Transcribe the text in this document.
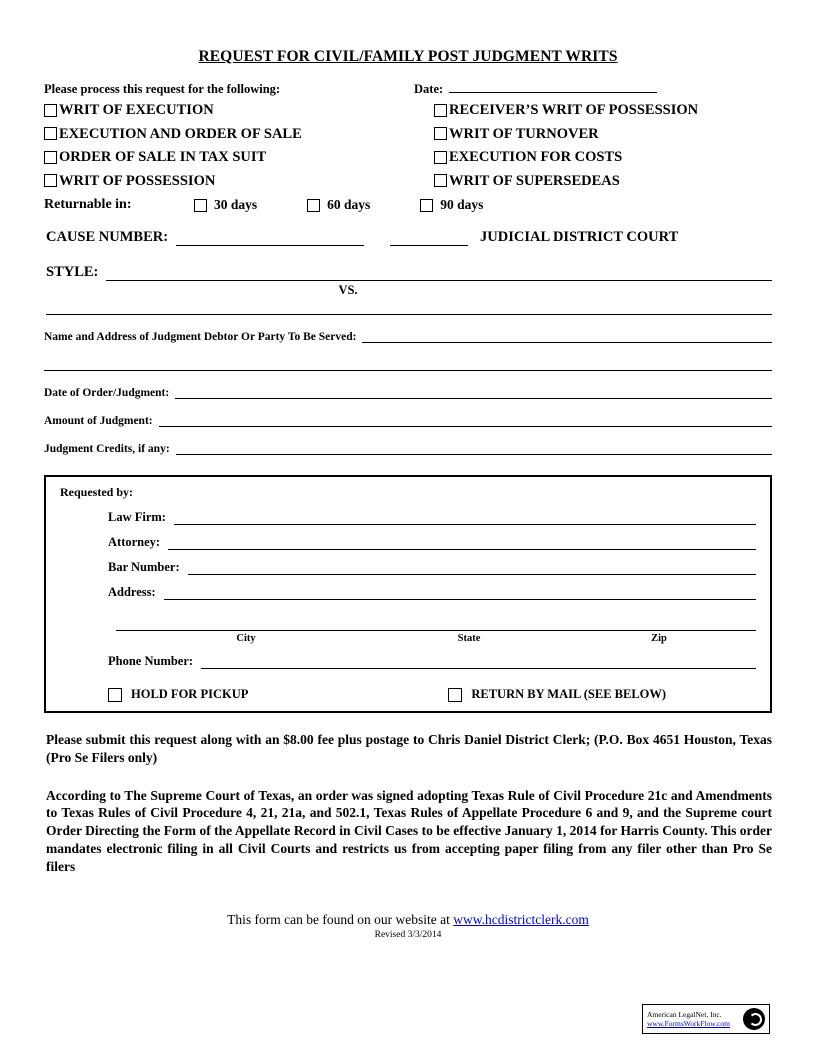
REQUEST FOR CIVIL/FAMILY POST JUDGMENT WRITS
Please process this request for the following:	Date:
WRIT OF EXECUTION	RECEIVER’S WRIT OF POSSESSION
EXECUTION AND ORDER OF SALE	WRIT OF TURNOVER
ORDER OF SALE IN TAX SUIT	EXECUTION FOR COSTS
WRIT OF POSSESSION	WRIT OF SUPERSEDEAS
Returnable in:	30 days	60 days	90 days
CAUSE NUMBER:	JUDICIAL DISTRICT COURT
STYLE:
VS.
Name and Address of Judgment Debtor Or Party To Be Served:
Date of Order/Judgment:
Amount of Judgment:
Judgment Credits, if any:
Requested by:
Law Firm:
Attorney:
Bar Number:
Address:
City	State	Zip
Phone Number:
HOLD FOR PICKUP	RETURN BY MAIL (SEE BELOW)
Please submit this request along with an $8.00 fee plus postage to Chris Daniel District Clerk; (P.O. Box 4651 Houston, Texas (Pro Se Filers only)
According to The Supreme Court of Texas, an order was signed adopting Texas Rule of Civil Procedure 21c and Amendments to Texas Rules of Civil Procedure 4, 21, 21a, and 502.1, Texas Rules of Appellate Procedure 6 and 9, and the Supreme court Order Directing the Form of the Appellate Record in Civil Cases to be effective January 1, 2014 for Harris County. This order mandates electronic filing in all Civil Courts and restricts us from accepting paper filing from any filer other than Pro Se filers
This form can be found on our website at www.hcdistrictclerk.com
Revised 3/3/2014
American LegalNet, Inc.
www.FormsWorkFlow.com
